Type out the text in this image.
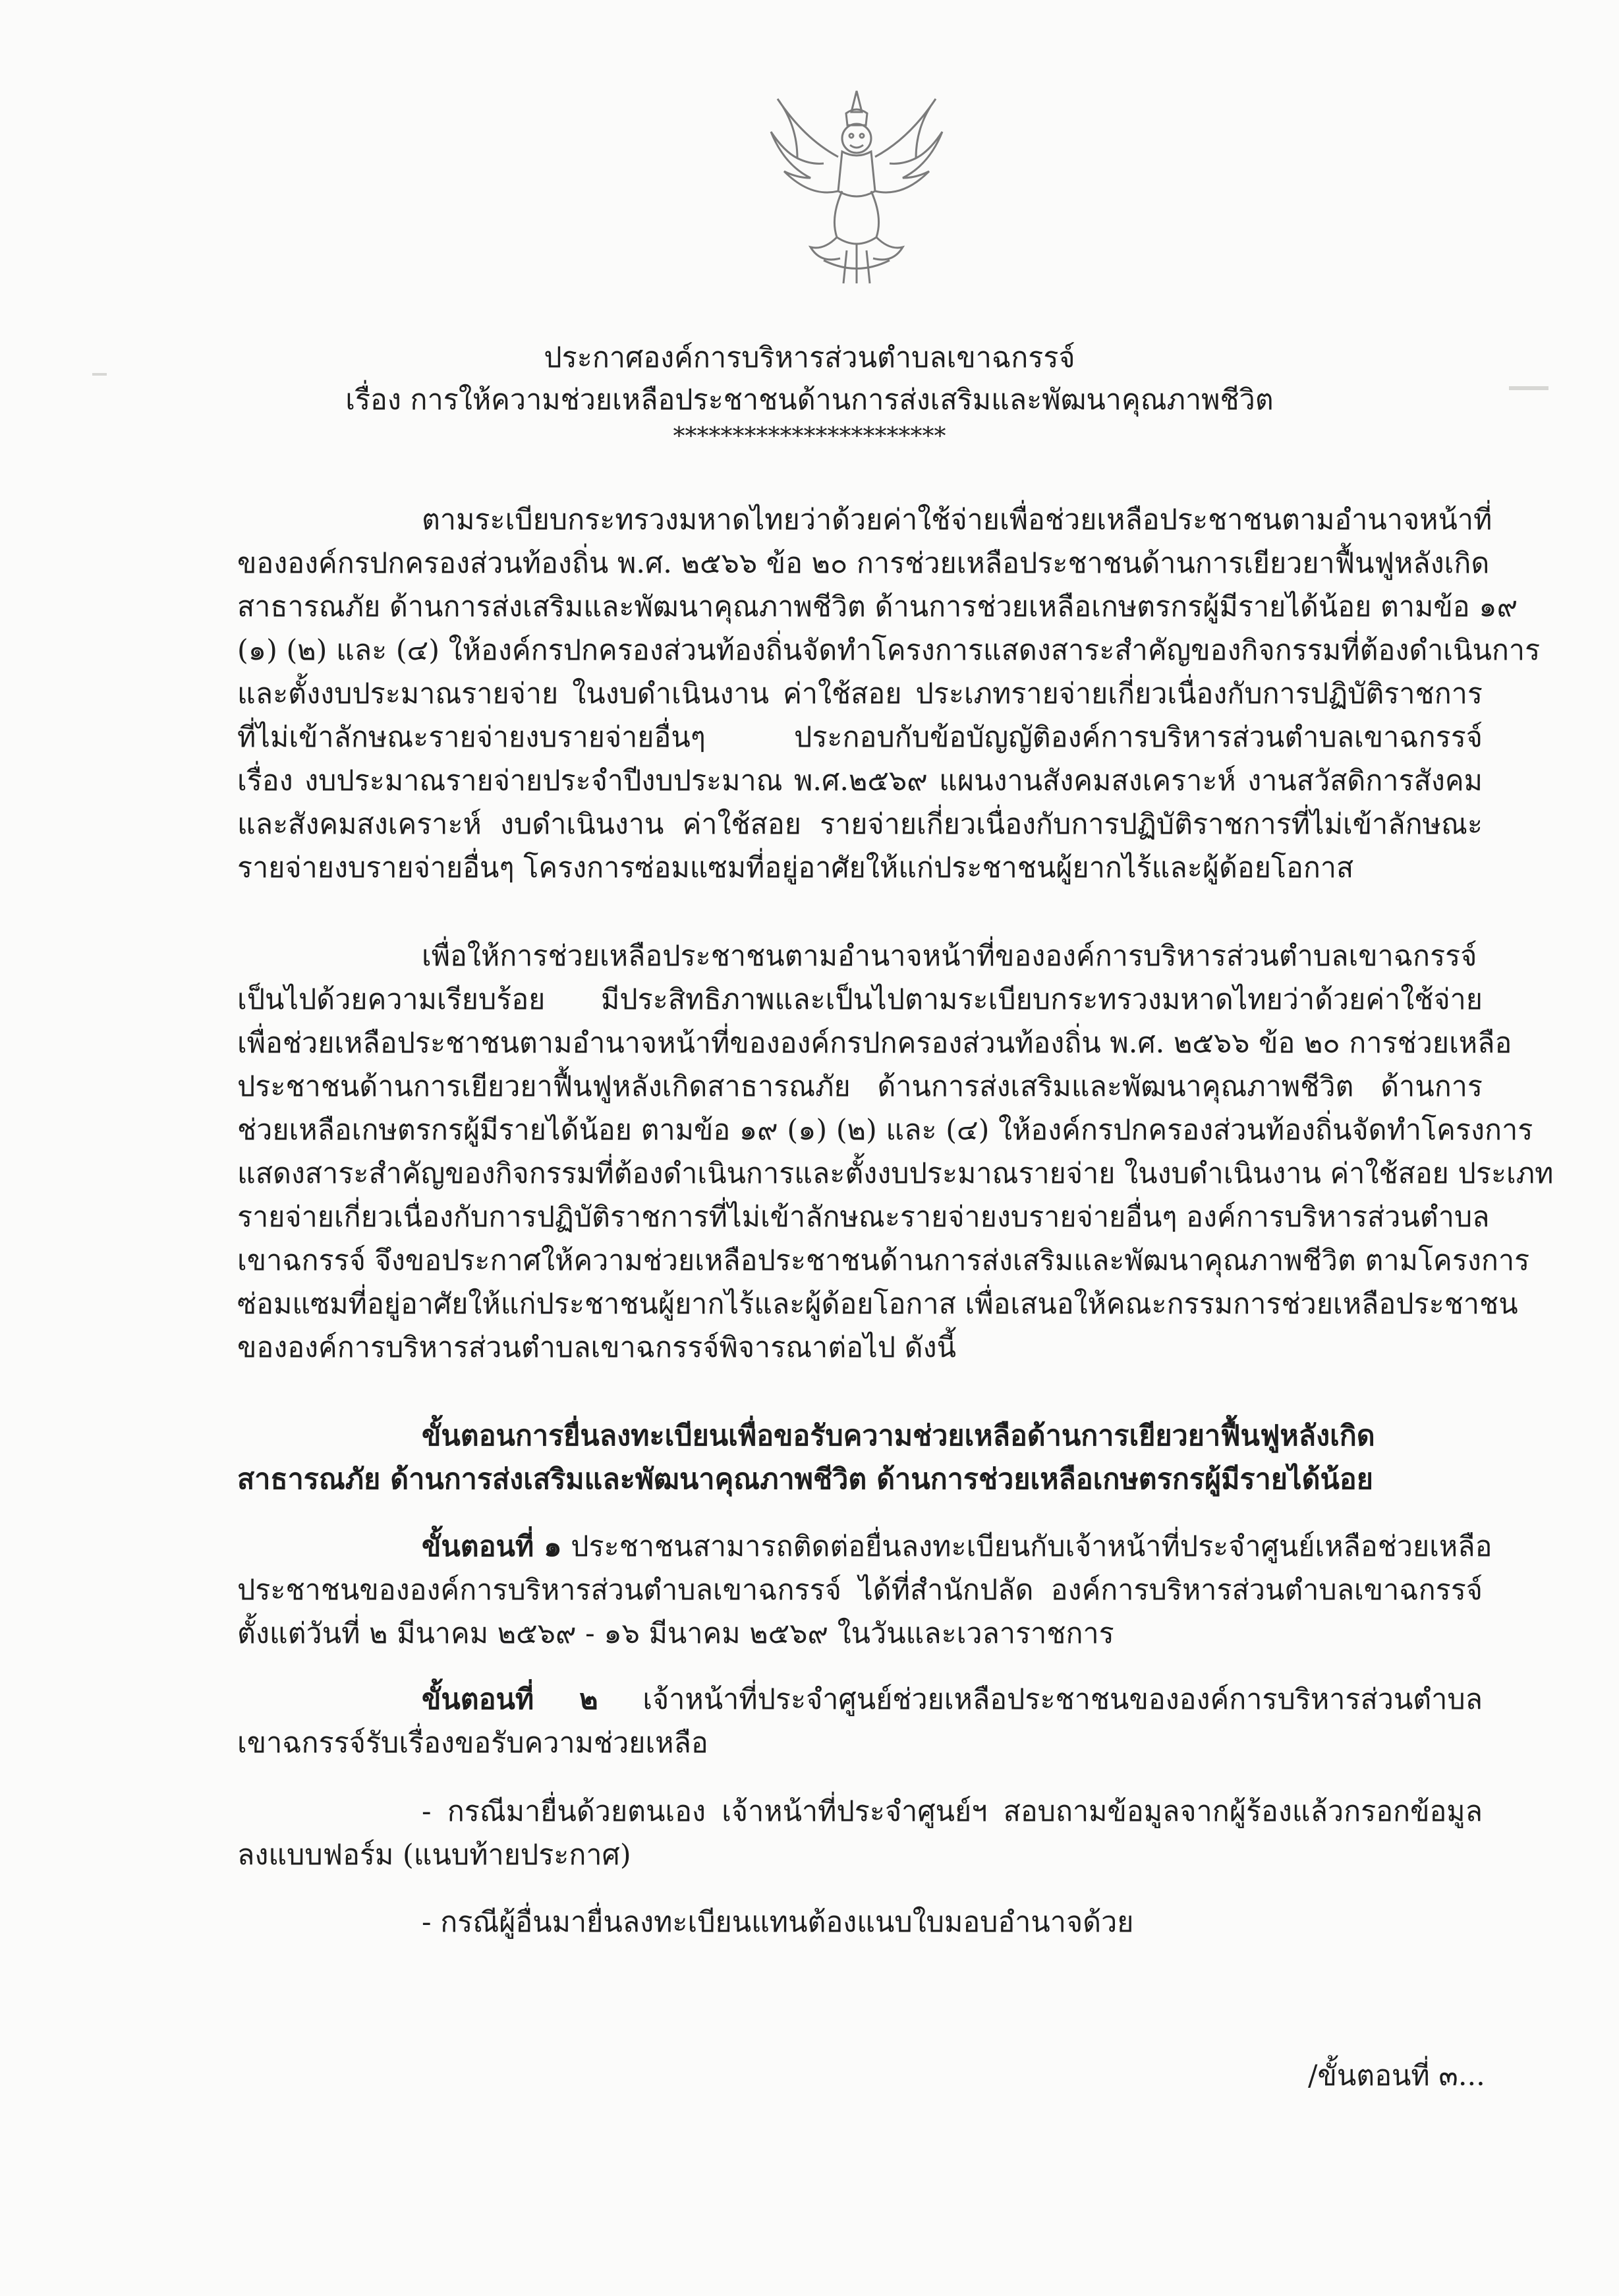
ประกาศองค์การบริหารส่วนตำบลเขาฉกรรจ์
เรื่อง การให้ความช่วยเหลือประชาชนด้านการส่งเสริมและพัฒนาคุณภาพชีวิต
***********************
ตามระเบียบกระทรวงมหาดไทยว่าด้วยค่าใช้จ่ายเพื่อช่วยเหลือประชาชนตามอำนาจหน้าที่
ขององค์กรปกครองส่วนท้องถิ่น พ.ศ. ๒๕๖๖ ข้อ ๒๐ การช่วยเหลือประชาชนด้านการเยียวยาฟื้นฟูหลังเกิด
สาธารณภัย ด้านการส่งเสริมและพัฒนาคุณภาพชีวิต ด้านการช่วยเหลือเกษตรกรผู้มีรายได้น้อย ตามข้อ ๑๙
(๑) (๒) และ (๔) ให้องค์กรปกครองส่วนท้องถิ่นจัดทำโครงการแสดงสาระสำคัญของกิจกรรมที่ต้องดำเนินการ
และตั้งงบประมาณรายจ่าย ในงบดำเนินงาน ค่าใช้สอย ประเภทรายจ่ายเกี่ยวเนื่องกับการปฏิบัติราชการ
ที่ไม่เข้าลักษณะรายจ่ายงบรายจ่ายอื่นๆ ประกอบกับข้อบัญญัติองค์การบริหารส่วนตำบลเขาฉกรรจ์
เรื่อง งบประมาณรายจ่ายประจำปีงบประมาณ พ.ศ.๒๕๖๙ แผนงานสังคมสงเคราะห์ งานสวัสดิการสังคม
และสังคมสงเคราะห์ งบดำเนินงาน ค่าใช้สอย รายจ่ายเกี่ยวเนื่องกับการปฏิบัติราชการที่ไม่เข้าลักษณะ
รายจ่ายงบรายจ่ายอื่นๆ โครงการซ่อมแซมที่อยู่อาศัยให้แก่ประชาชนผู้ยากไร้และผู้ด้อยโอกาส
เพื่อให้การช่วยเหลือประชาชนตามอำนาจหน้าที่ขององค์การบริหารส่วนตำบลเขาฉกรรจ์
เป็นไปด้วยความเรียบร้อย มีประสิทธิภาพและเป็นไปตามระเบียบกระทรวงมหาดไทยว่าด้วยค่าใช้จ่าย
เพื่อช่วยเหลือประชาชนตามอำนาจหน้าที่ขององค์กรปกครองส่วนท้องถิ่น พ.ศ. ๒๕๖๖ ข้อ ๒๐ การช่วยเหลือ
ประชาชนด้านการเยียวยาฟื้นฟูหลังเกิดสาธารณภัย ด้านการส่งเสริมและพัฒนาคุณภาพชีวิต ด้านการ
ช่วยเหลือเกษตรกรผู้มีรายได้น้อย ตามข้อ ๑๙ (๑) (๒) และ (๔) ให้องค์กรปกครองส่วนท้องถิ่นจัดทำโครงการ
แสดงสาระสำคัญของกิจกรรมที่ต้องดำเนินการและตั้งงบประมาณรายจ่าย ในงบดำเนินงาน ค่าใช้สอย ประเภท
รายจ่ายเกี่ยวเนื่องกับการปฏิบัติราชการที่ไม่เข้าลักษณะรายจ่ายงบรายจ่ายอื่นๆ องค์การบริหารส่วนตำบล
เขาฉกรรจ์ จึงขอประกาศให้ความช่วยเหลือประชาชนด้านการส่งเสริมและพัฒนาคุณภาพชีวิต ตามโครงการ
ซ่อมแซมที่อยู่อาศัยให้แก่ประชาชนผู้ยากไร้และผู้ด้อยโอกาส เพื่อเสนอให้คณะกรรมการช่วยเหลือประชาชน
ขององค์การบริหารส่วนตำบลเขาฉกรรจ์พิจารณาต่อไป ดังนี้
ขั้นตอนการยื่นลงทะเบียนเพื่อขอรับความช่วยเหลือด้านการเยียวยาฟื้นฟูหลังเกิด
สาธารณภัย ด้านการส่งเสริมและพัฒนาคุณภาพชีวิต ด้านการช่วยเหลือเกษตรกรผู้มีรายได้น้อย
ขั้นตอนที่ ๑ ประชาชนสามารถติดต่อยื่นลงทะเบียนกับเจ้าหน้าที่ประจำศูนย์เหลือช่วยเหลือ
ประชาชนขององค์การบริหารส่วนตำบลเขาฉกรรจ์ ได้ที่สำนักปลัด องค์การบริหารส่วนตำบลเขาฉกรรจ์
ตั้งแต่วันที่ ๒ มีนาคม ๒๕๖๙ - ๑๖ มีนาคม ๒๕๖๙ ในวันและเวลาราชการ
ขั้นตอนที่ ๒ เจ้าหน้าที่ประจำศูนย์ช่วยเหลือประชาชนขององค์การบริหารส่วนตำบล
เขาฉกรรจ์รับเรื่องขอรับความช่วยเหลือ
- กรณีมายื่นด้วยตนเอง เจ้าหน้าที่ประจำศูนย์ฯ สอบถามข้อมูลจากผู้ร้องแล้วกรอกข้อมูล
ลงแบบฟอร์ม (แนบท้ายประกาศ)
- กรณีผู้อื่นมายื่นลงทะเบียนแทนต้องแนบใบมอบอำนาจด้วย
/ขั้นตอนที่ ๓...
